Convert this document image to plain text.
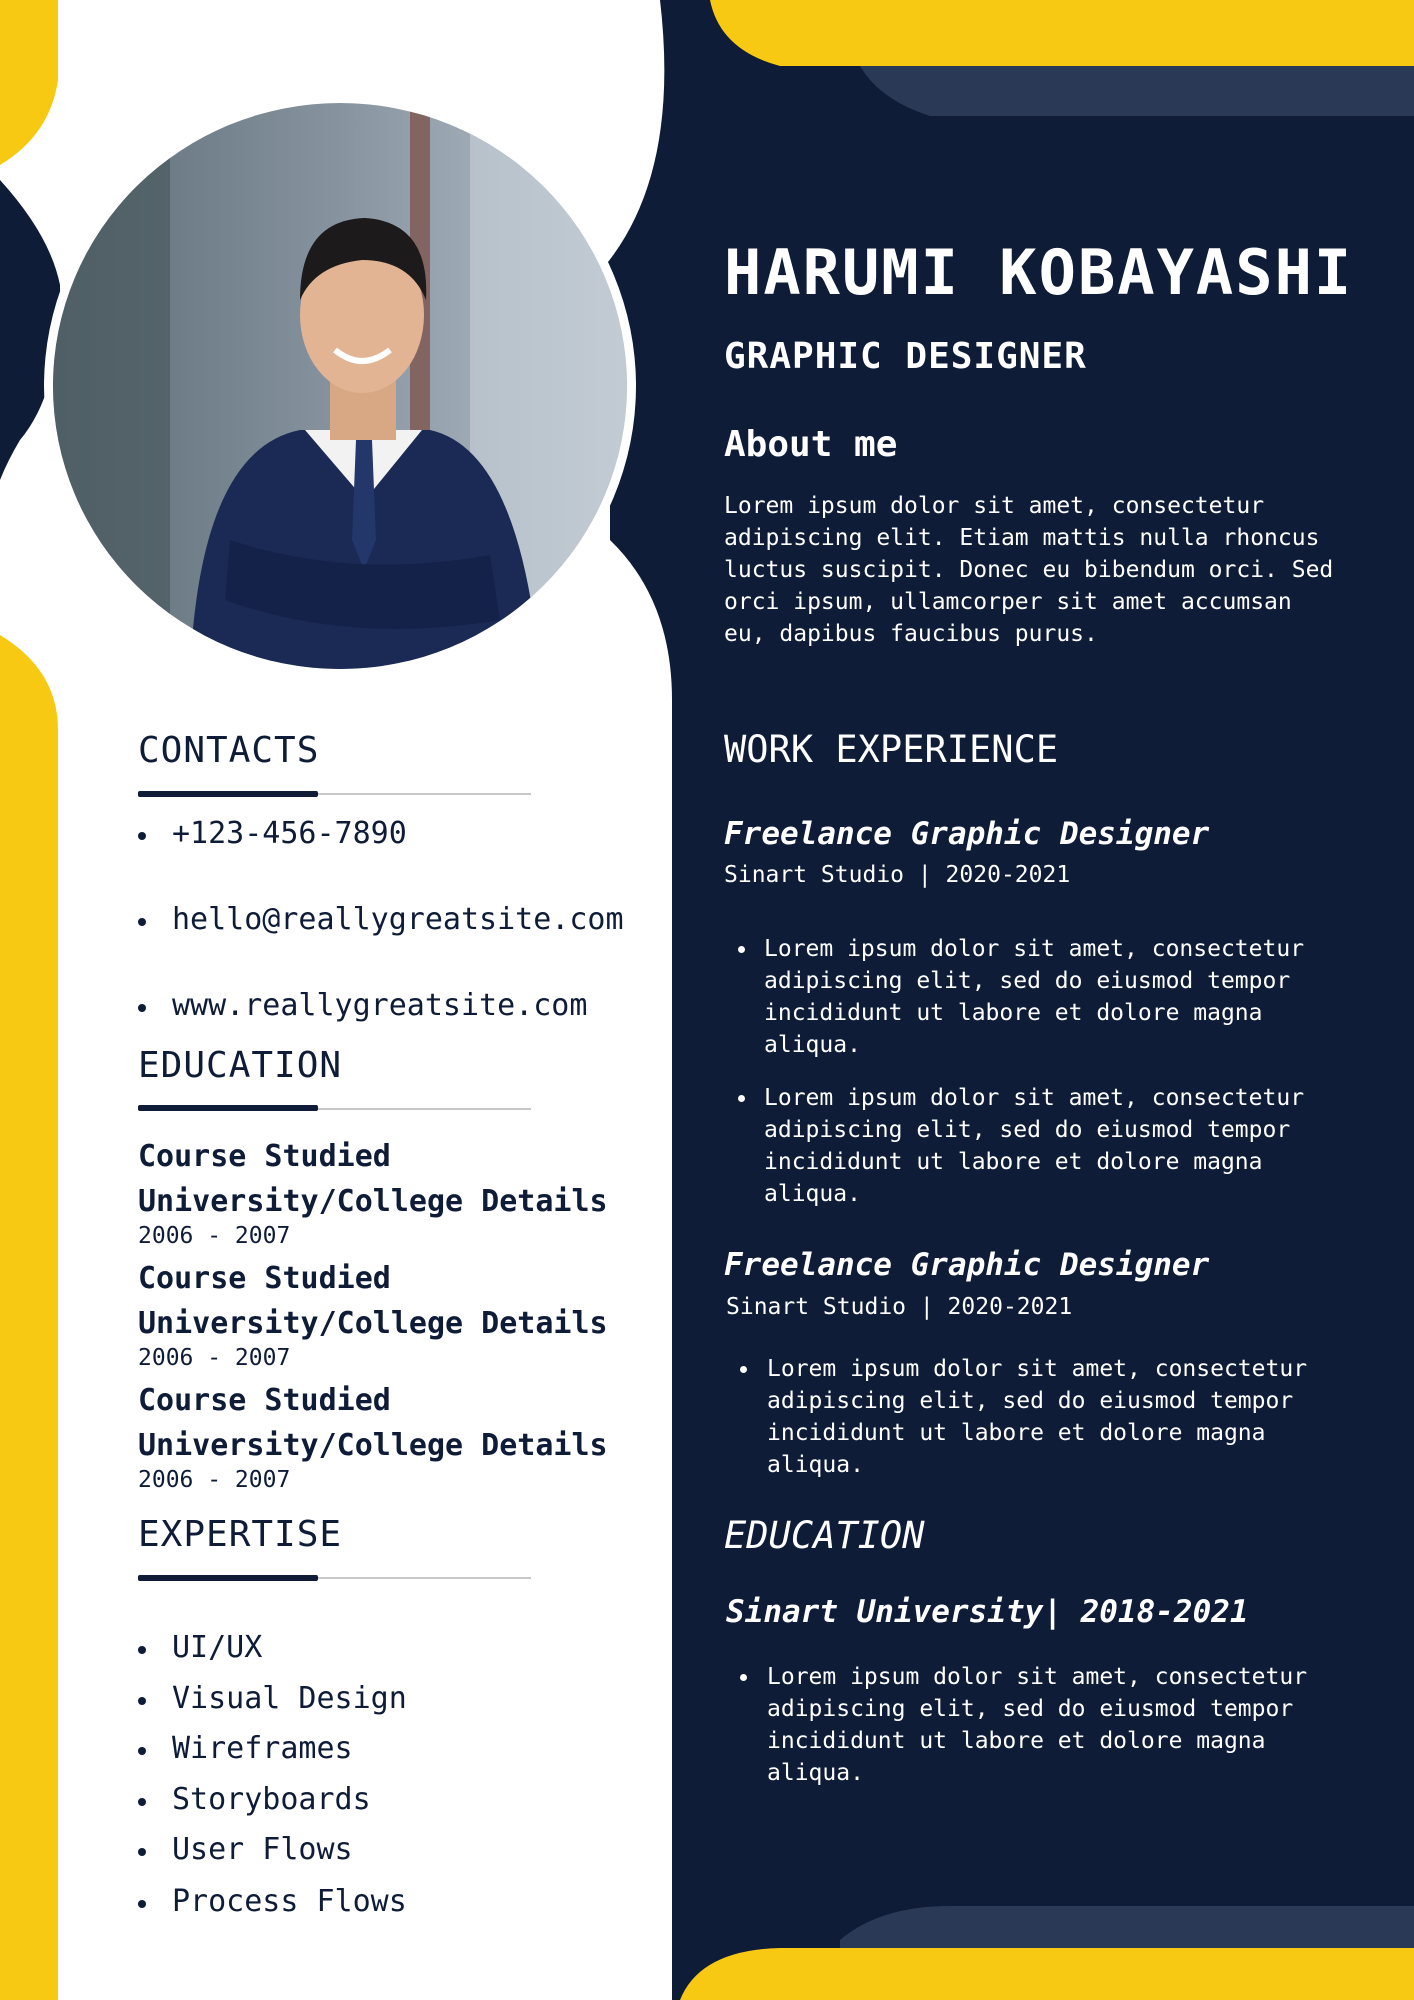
CONTACTS
+123-456-7890
hello@reallygreatsite.com
www.reallygreatsite.com
EDUCATION
Course Studied
University/College Details
2006 - 2007
Course Studied
University/College Details
2006 - 2007
Course Studied
University/College Details
2006 - 2007
EXPERTISE
UI/UX
Visual Design
Wireframes
Storyboards
User Flows
Process Flows
HARUMI KOBAYASHI
GRAPHIC DESIGNER
About me
Lorem ipsum dolor sit amet, consectetur
adipiscing elit. Etiam mattis nulla rhoncus
luctus suscipit. Donec eu bibendum orci. Sed
orci ipsum, ullamcorper sit amet accumsan
eu, dapibus faucibus purus.
WORK EXPERIENCE
Freelance Graphic Designer
Sinart Studio | 2020-2021
Lorem ipsum dolor sit amet, consectetur
adipiscing elit, sed do eiusmod tempor
incididunt ut labore et dolore magna
aliqua.
Lorem ipsum dolor sit amet, consectetur
adipiscing elit, sed do eiusmod tempor
incididunt ut labore et dolore magna
aliqua.
Freelance Graphic Designer
Sinart Studio | 2020-2021
Lorem ipsum dolor sit amet, consectetur
adipiscing elit, sed do eiusmod tempor
incididunt ut labore et dolore magna
aliqua.
EDUCATION
Sinart University| 2018-2021
Lorem ipsum dolor sit amet, consectetur
adipiscing elit, sed do eiusmod tempor
incididunt ut labore et dolore magna
aliqua.
